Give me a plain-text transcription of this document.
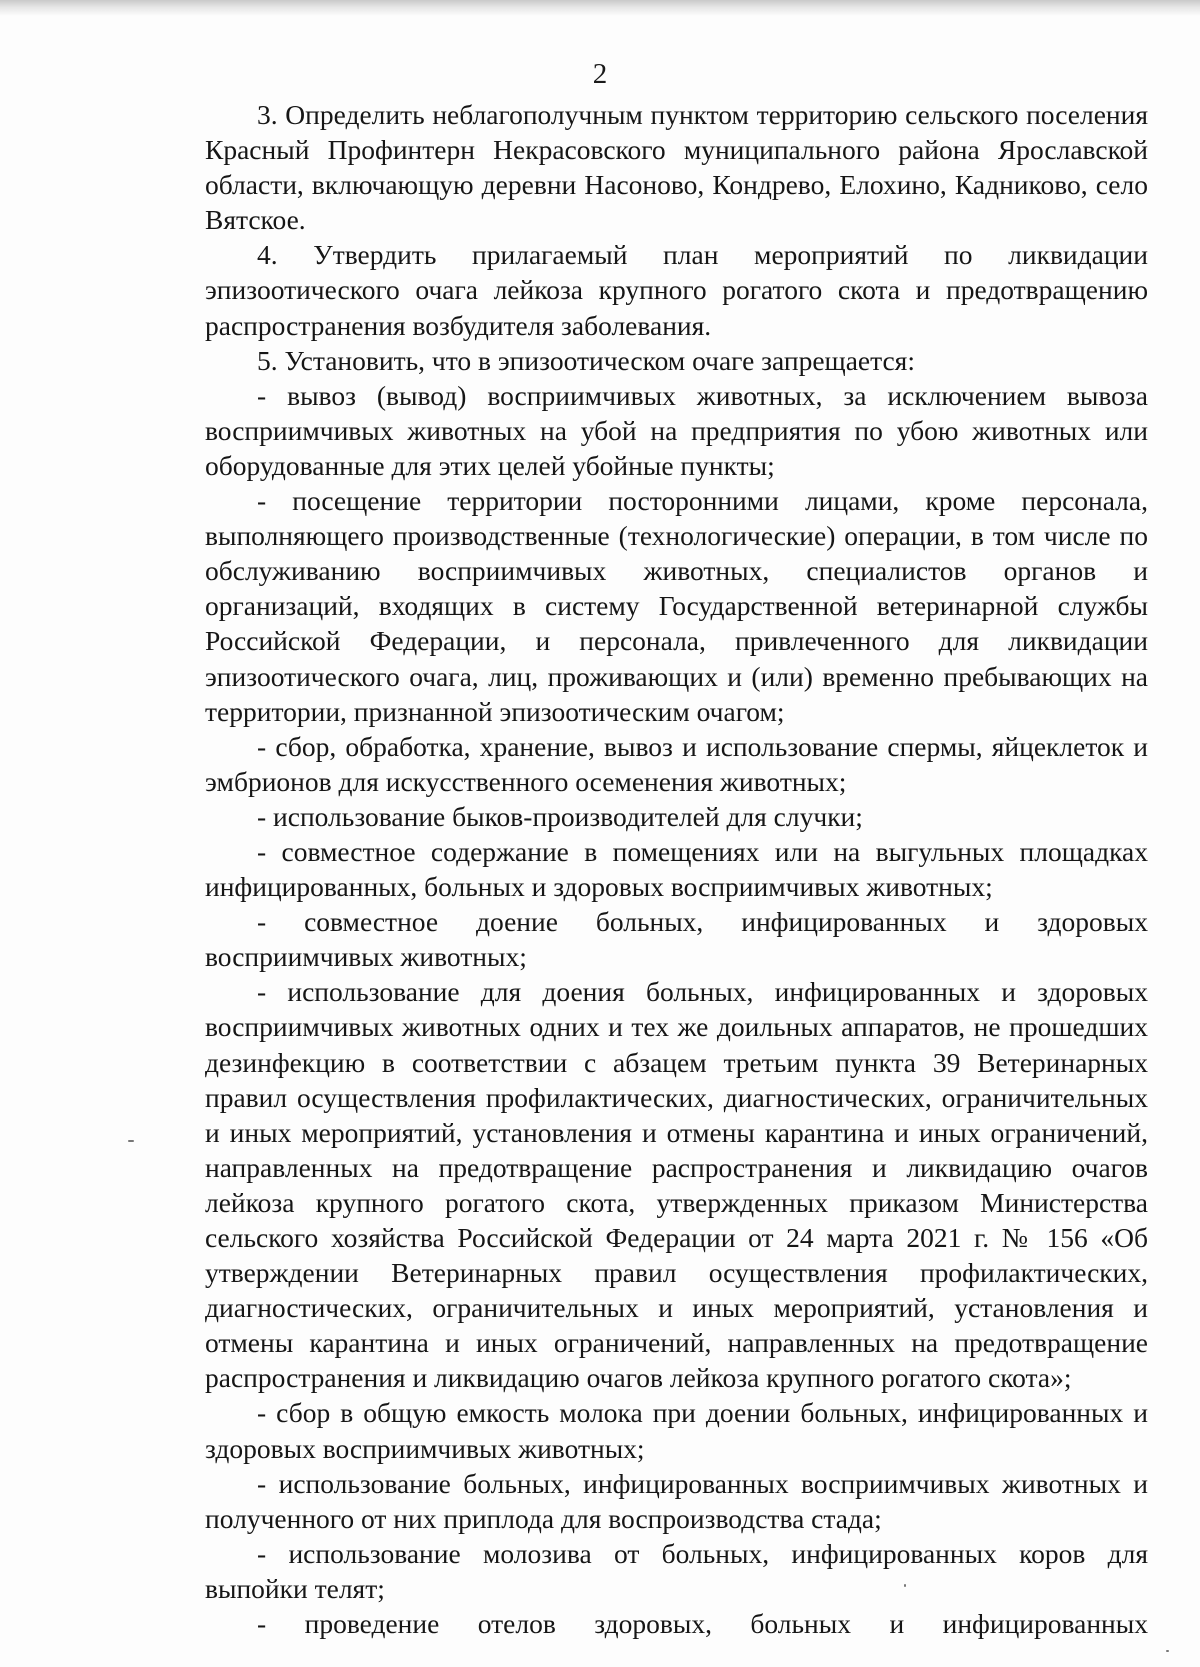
2

3. Определить неблагополучным пунктом территорию сельского поселения Красный Профинтерн Некрасовского муниципального района Ярославской области, включающую деревни Насоново, Кондрево, Елохино, Кадниково, село Вятское.

4. Утвердить прилагаемый план мероприятий по ликвидации эпизоотического очага лейкоза крупного рогатого скота и предотвращению распространения возбудителя заболевания.

5. Установить, что в эпизоотическом очаге запрещается:

- вывоз (вывод) восприимчивых животных, за исключением вывоза восприимчивых животных на убой на предприятия по убою животных или оборудованные для этих целей убойные пункты;

- посещение территории посторонними лицами, кроме персонала, выполняющего производственные (технологические) операции, в том числе по обслуживанию восприимчивых животных, специалистов органов и организаций, входящих в систему Государственной ветеринарной службы Российской Федерации, и персонала, привлеченного для ликвидации эпизоотического очага, лиц, проживающих и (или) временно пребывающих на территории, признанной эпизоотическим очагом;

- сбор, обработка, хранение, вывоз и использование спермы, яйцеклеток и эмбрионов для искусственного осеменения животных;

- использование быков-производителей для случки;

- совместное содержание в помещениях или на выгульных площадках инфицированных, больных и здоровых восприимчивых животных;

- совместное доение больных, инфицированных и здоровых восприимчивых животных;

- использование для доения больных, инфицированных и здоровых восприимчивых животных одних и тех же доильных аппаратов, не прошедших дезинфекцию в соответствии с абзацем третьим пункта 39 Ветеринарных правил осуществления профилактических, диагностических, ограничительных и иных мероприятий, установления и отмены карантина и иных ограничений, направленных на предотвращение распространения и ликвидацию очагов лейкоза крупного рогатого скота, утвержденных приказом Министерства сельского хозяйства Российской Федерации от 24 марта 2021 г. № 156 «Об утверждении Ветеринарных правил осуществления профилактических, диагностических, ограничительных и иных мероприятий, установления и отмены карантина и иных ограничений, направленных на предотвращение распространения и ликвидацию очагов лейкоза крупного рогатого скота»;

- сбор в общую емкость молока при доении больных, инфицированных и здоровых восприимчивых животных;

- использование больных, инфицированных восприимчивых животных и полученного от них приплода для воспроизводства стада;

- использование молозива от больных, инфицированных коров для выпойки телят;

- проведение отелов здоровых, больных и инфицированных
